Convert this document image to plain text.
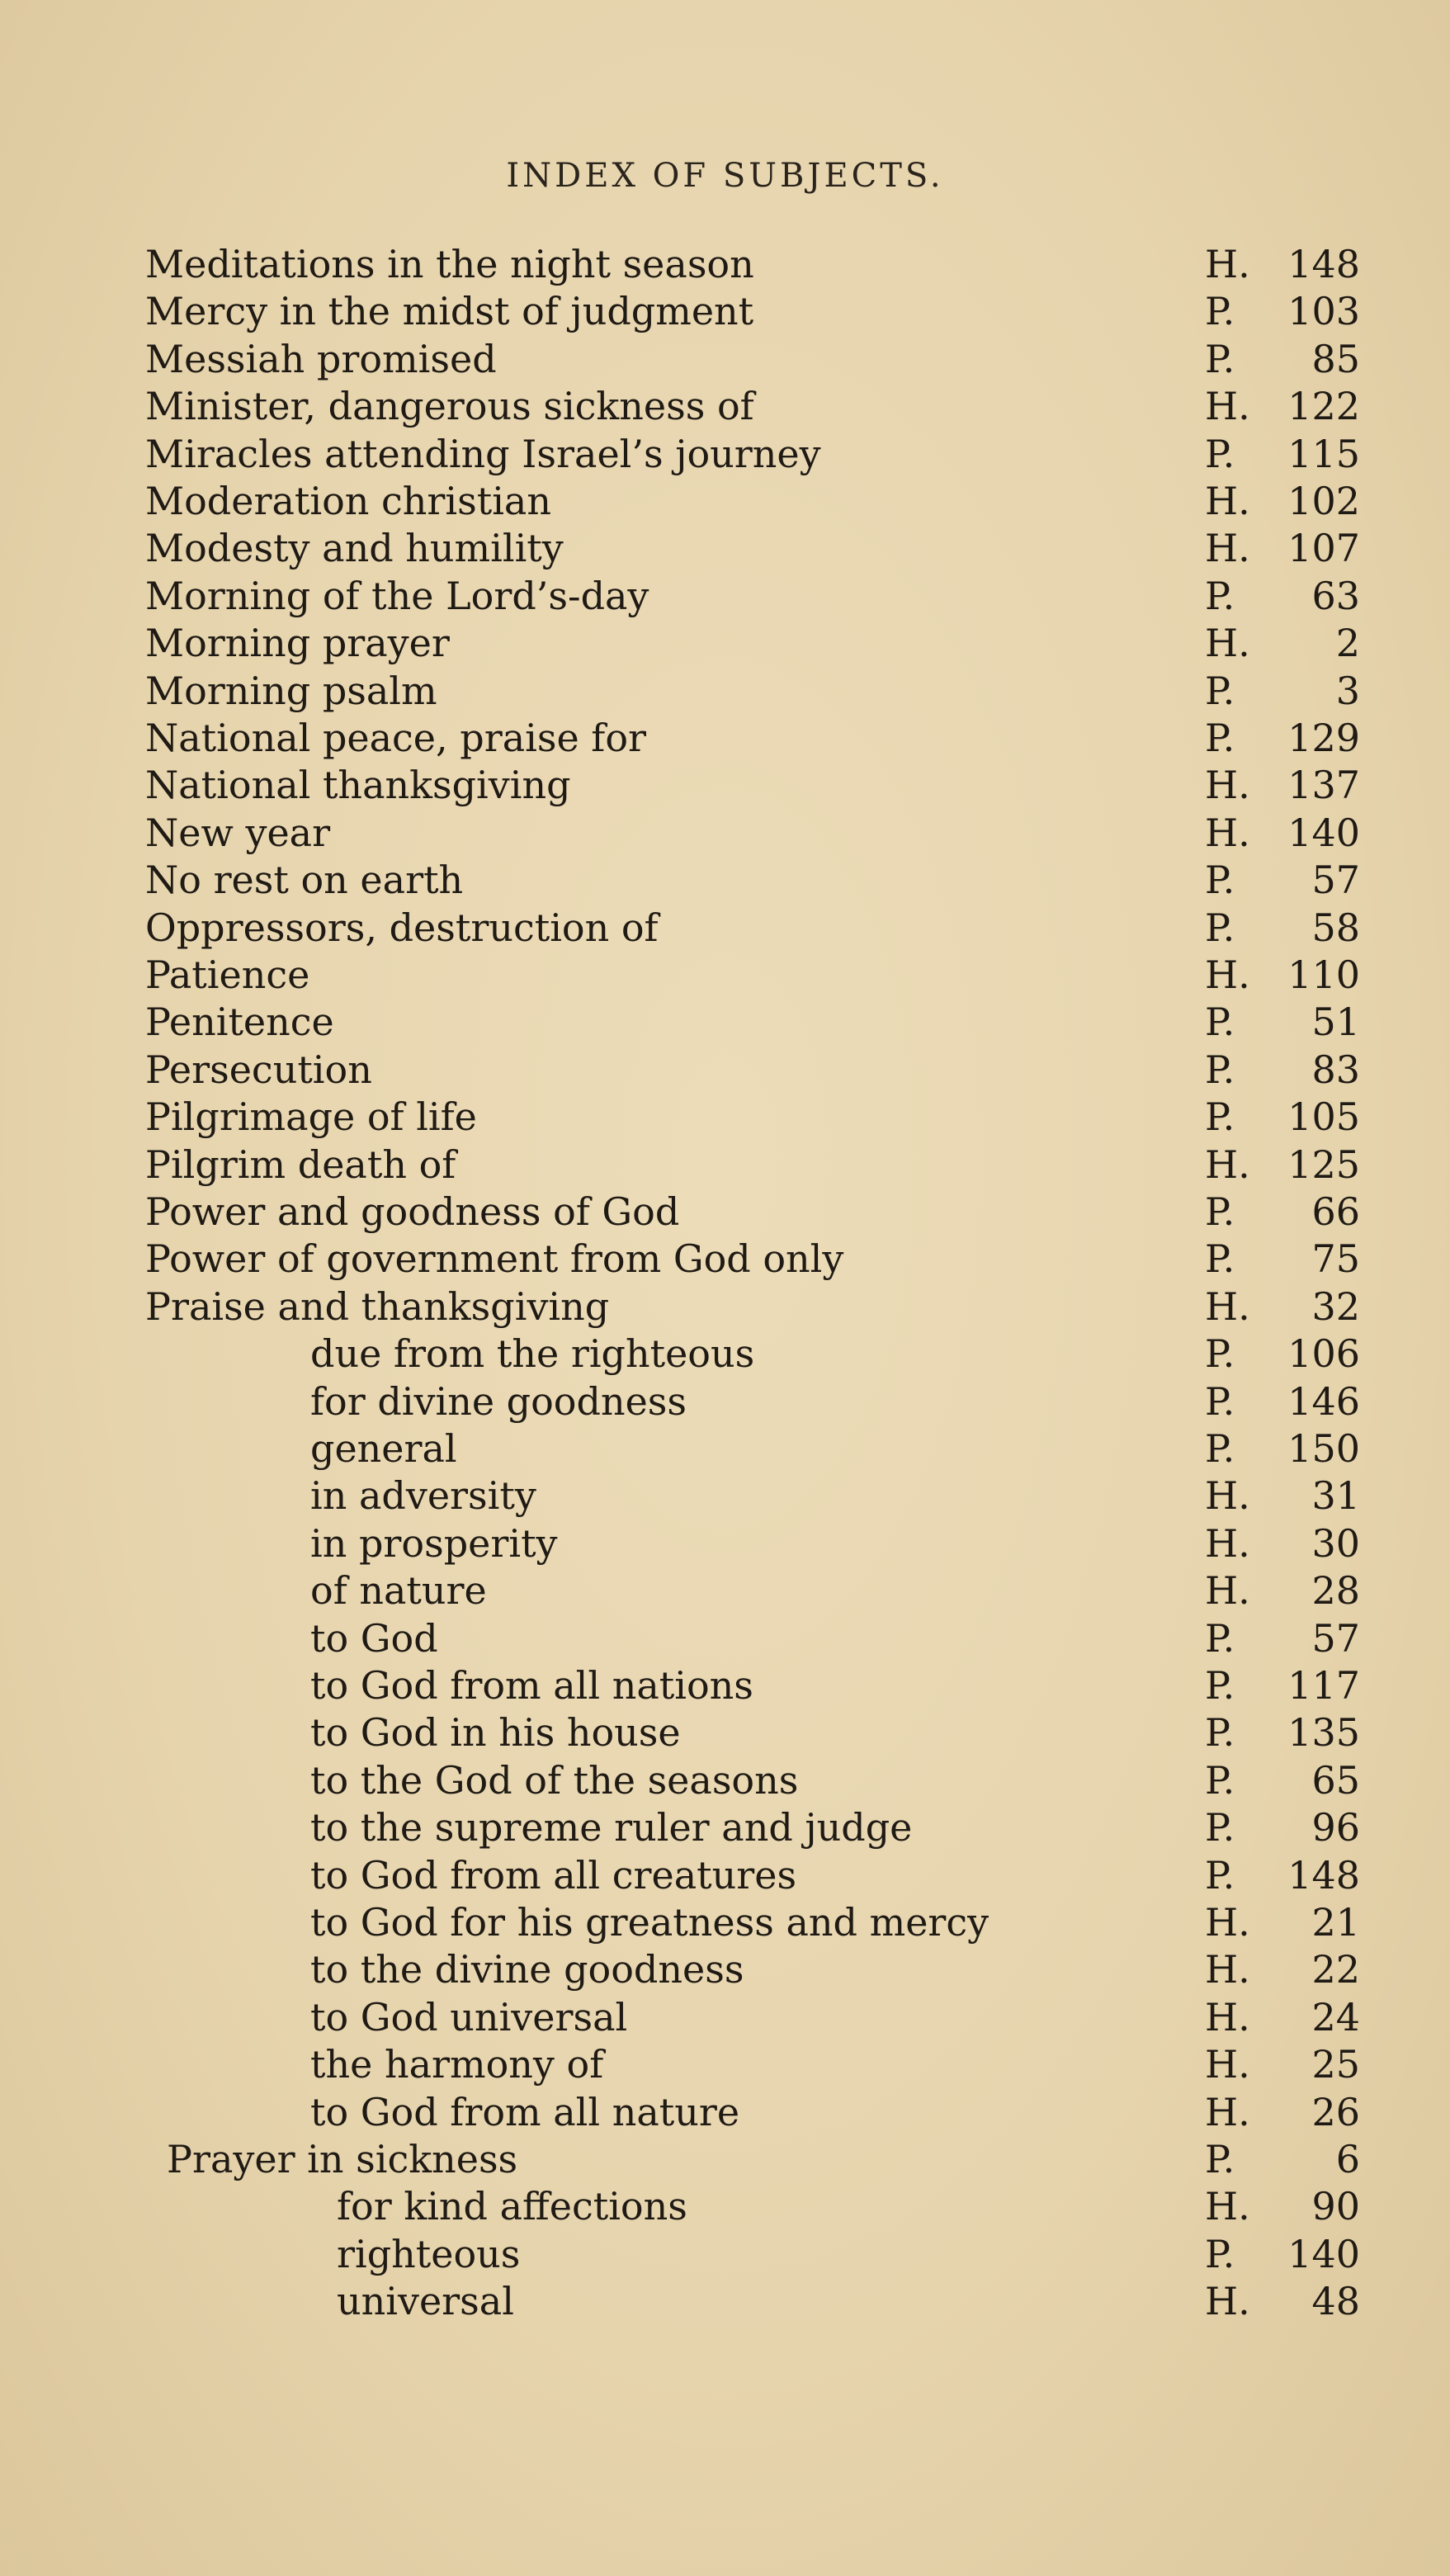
INDEX OF SUBJECTS.
Meditations in the night season	H. 148
Mercy in the midst of judgment	P. 103
Messiah promised	P. 85
Minister, dangerous sickness of	H. 122
Miracles attending Israel’s journey	P. 115
Moderation christian	H. 102
Modesty and humility	H. 107
Morning of the Lord’s-day	P. 63
Morning prayer	H. 2
Morning psalm	P.	3
National peace, praise for	P. 129
National thanksgiving	H. 137
New year	H. 140
No rest on earth	P. 57
Oppressors, destruction of	P. 58
Patience	H. 110
Penitence	P. 51
Persecution	P. 83
Pilgrimage of life	P. 105
Pilgrim death of	H. 125
Power and goodness of God	P. 66
Power of government from God only	P. 75
Praise and thanksgiving	H. 32
due from the righteous	P. 106
for divine goodness	P. 146
general	P. 150
in adversity	H. 31
in prosperity	H. 30
of nature	H. 28
to God	P. 57
to God from all nations	P. 117
to God in his house	P. 135
to the God of the seasons	P. 65
to the supreme ruler and judge	P. 96
to God from all creatures	P. 148
to God for his greatness and mercy	H. 21
to the divine goodness	H. 22
to God universal	H. 24
the harmony of	H. 25
to God from all nature	H. 26
Prayer in sickness	P.	6
for kind affections	H. 90
righteous	P. 140
universal	H. 48
